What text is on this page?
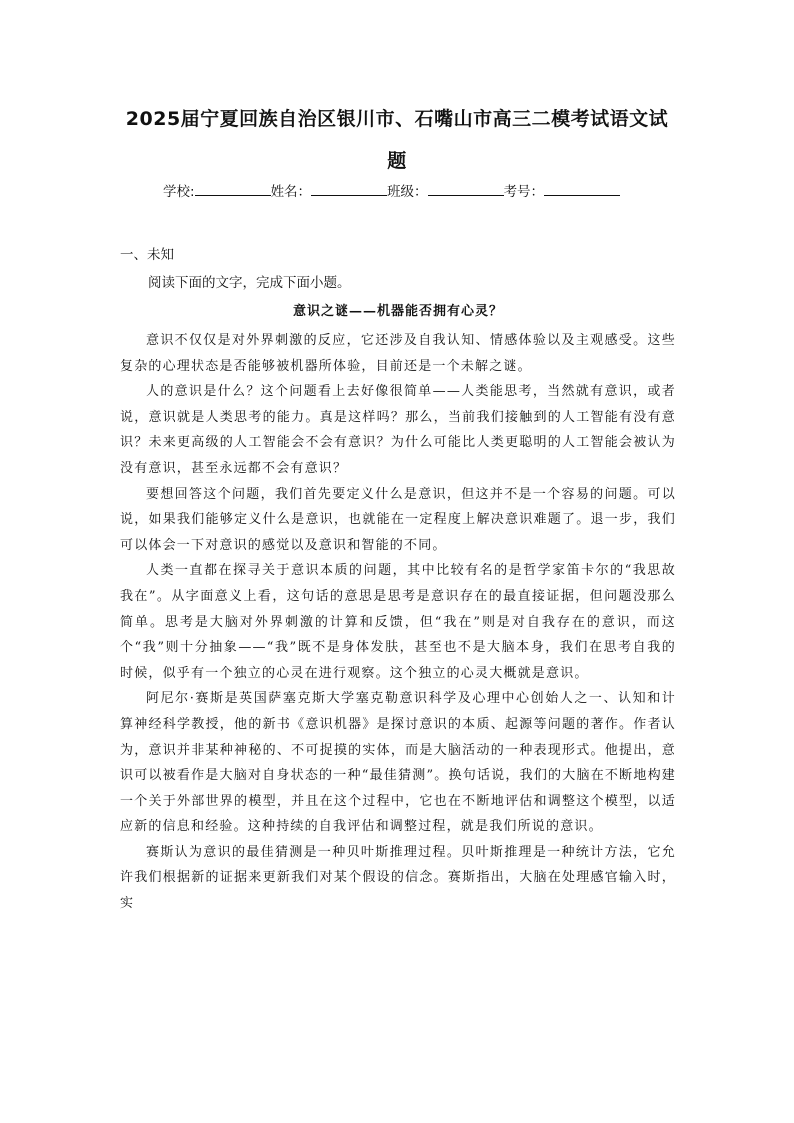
2025届宁夏回族自治区银川市、石嘴山市高三二模考试语文试
题
学校:	姓名：	班级：	考号：
一、未知
阅读下面的文字，完成下面小题。
意识之谜——机器能否拥有心灵？

意识不仅仅是对外界刺激的反应，它还涉及自我认知、情感体验以及主观感受。这些复杂的心理状态是否能够被机器所体验，目前还是一个未解之谜。

人的意识是什么？这个问题看上去好像很简单——人类能思考，当然就有意识，或者说，意识就是人类思考的能力。真是这样吗？那么，当前我们接触到的人工智能有没有意识？未来更高级的人工智能会不会有意识？为什么可能比人类更聪明的人工智能会被认为没有意识，甚至永远都不会有意识？

要想回答这个问题，我们首先要定义什么是意识，但这并不是一个容易的问题。可以说，如果我们能够定义什么是意识，也就能在一定程度上解决意识难题了。退一步，我们可以体会一下对意识的感觉以及意识和智能的不同。

人类一直都在探寻关于意识本质的问题，其中比较有名的是哲学家笛卡尔的“我思故我在”。从字面意义上看，这句话的意思是思考是意识存在的最直接证据，但问题没那么简单。思考是大脑对外界刺激的计算和反馈，但“我在”则是对自我存在的意识，而这个“我”则十分抽象——“我”既不是身体发肤，甚至也不是大脑本身，我们在思考自我的时候，似乎有一个独立的心灵在进行观察。这个独立的心灵大概就是意识。

阿尼尔·赛斯是英国萨塞克斯大学塞克勒意识科学及心理中心创始人之一、认知和计算神经科学教授，他的新书《意识机器》是探讨意识的本质、起源等问题的著作。作者认为，意识并非某种神秘的、不可捉摸的实体，而是大脑活动的一种表现形式。他提出，意识可以被看作是大脑对自身状态的一种“最佳猜测”。换句话说，我们的大脑在不断地构建一个关于外部世界的模型，并且在这个过程中，它也在不断地评估和调整这个模型，以适应新的信息和经验。这种持续的自我评估和调整过程，就是我们所说的意识。

赛斯认为意识的最佳猜测是一种贝叶斯推理过程。贝叶斯推理是一种统计方法，它允许我们根据新的证据来更新我们对某个假设的信念。赛斯指出，大脑在处理感官输入时，实
